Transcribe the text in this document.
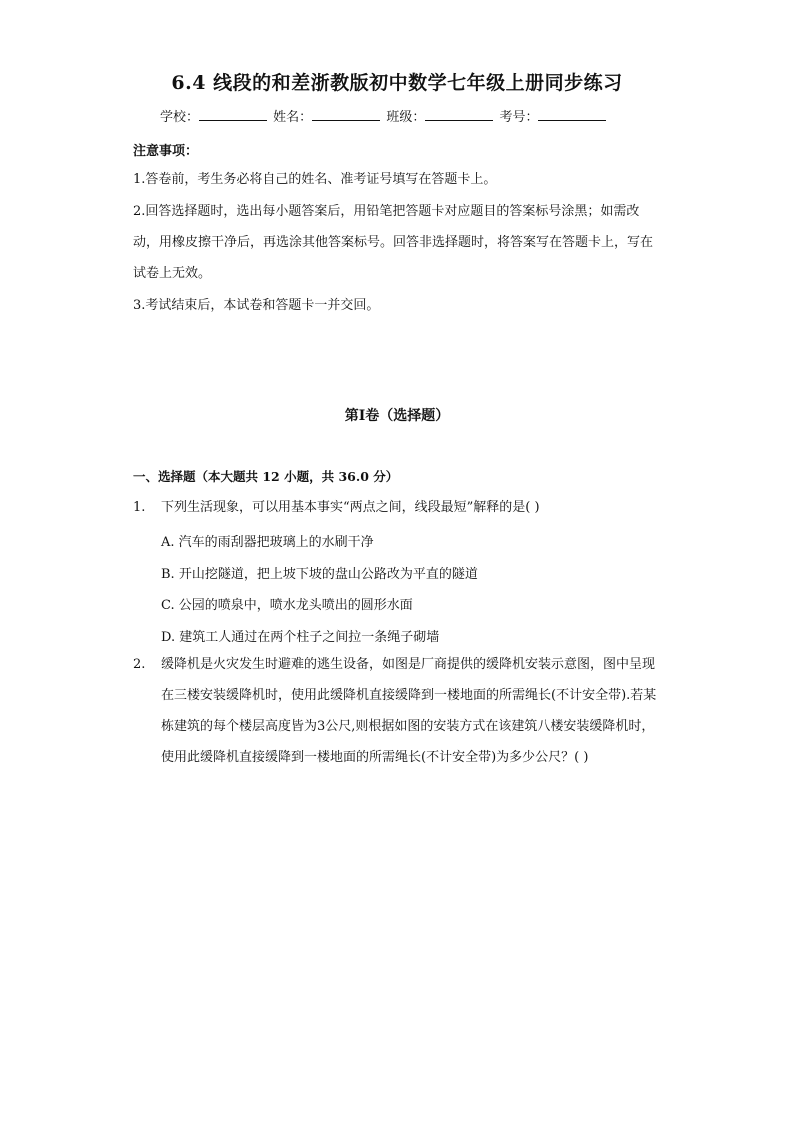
6.4 线段的和差浙教版初中数学七年级上册同步练习
学校：	姓名：	班级：	考号：
注意事项：
1.答卷前，考生务必将自己的姓名、准考证号填写在答题卡上。
2.回答选择题时，选出每小题答案后，用铅笔把答题卡对应题目的答案标号涂黑；如需改动，用橡皮擦干净后，再选涂其他答案标号。回答非选择题时，将答案写在答题卡上，写在试卷上无效。
3.考试结束后，本试卷和答题卡一并交回。
第I卷（选择题）
一、选择题（本大题共 12 小题，共 36.0 分）
1. 下列生活现象，可以用基本事实“两点之间，线段最短”解释的是( )
A. 汽车的雨刮器把玻璃上的水刷干净
B. 开山挖隧道，把上坡下坡的盘山公路改为平直的隧道
C. 公园的喷泉中，喷水龙头喷出的圆形水面
D. 建筑工人通过在两个柱子之间拉一条绳子砌墙
2. 缓降机是火灾发生时避难的逃生设备，如图是厂商提供的缓降机安装示意图，图中呈现在三楼安装缓降机时，使用此缓降机直接缓降到一楼地面的所需绳长(不计安全带).若某栋建筑的每个楼层高度皆为3公尺,则根据如图的安装方式在该建筑八楼安装缓降机时，使用此缓降机直接缓降到一楼地面的所需绳长(不计安全带)为多少公尺？( )
